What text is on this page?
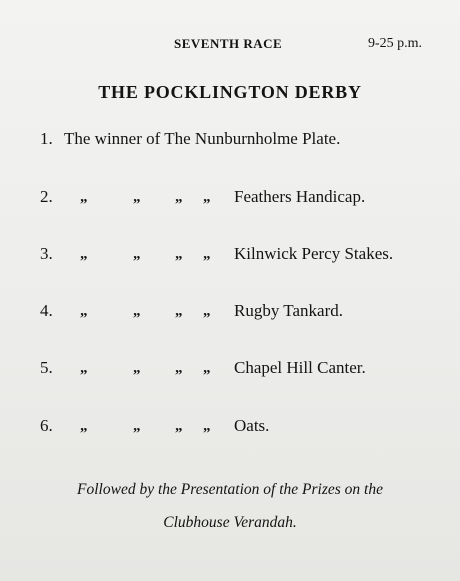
SEVENTH RACE	9-25 p.m.
THE POCKLINGTON DERBY
1. The winner of The Nunburnholme Plate.
2. „	„ „ „ Feathers Handicap.
3. „	„ „ „ Kilnwick Percy Stakes.
4. „	„ „ „ Rugby Tankard.
5. „	„ „ „ Chapel Hill Canter.
6. „	„ „ „ Oats.
Followed by the Presentation of the Prizes on the
Clubhouse Verandah.
